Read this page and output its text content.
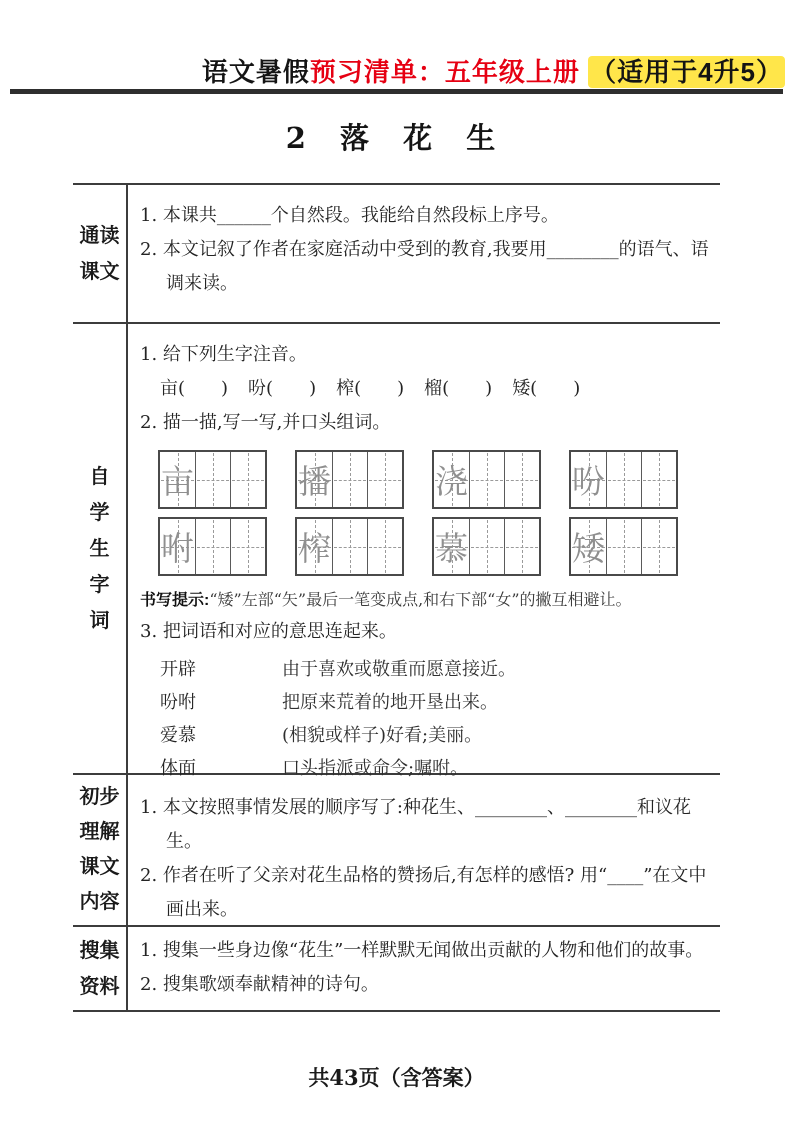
语文暑假预习清单：五年级上册 （适用于4升5）
2 落 花 生
通读
课文
1. 本课共______个自然段。我能给自然段标上序号。
2. 本文记叙了作者在家庭活动中受到的教育,我要用________的语气、语调来读。
自
学
生
字
词
1. 给下列生字注音。
亩(　　) 吩(　　) 榨(　　) 榴(　　) 矮(　　)
2. 描一描,写一写,并口头组词。
亩	播	浇	吩
咐	榨	慕	矮
书写提示:“矮”左部“矢”最后一笔变成点,和右下部“女”的撇互相避让。
3. 把词语和对应的意思连起来。
开辟	由于喜欢或敬重而愿意接近。
吩咐	把原来荒着的地开垦出来。
爱慕	(相貌或样子)好看;美丽。
体面	口头指派或命令;嘱咐。
初步
理解
课文
内容
1. 本文按照事情发展的顺序写了:种花生、________、________和议花生。
2. 作者在听了父亲对花生品格的赞扬后,有怎样的感悟? 用“____”在文中画出来。
搜集
资料
1. 搜集一些身边像“花生”一样默默无闻做出贡献的人物和他们的故事。
2. 搜集歌颂奉献精神的诗句。
共43页（含答案）
